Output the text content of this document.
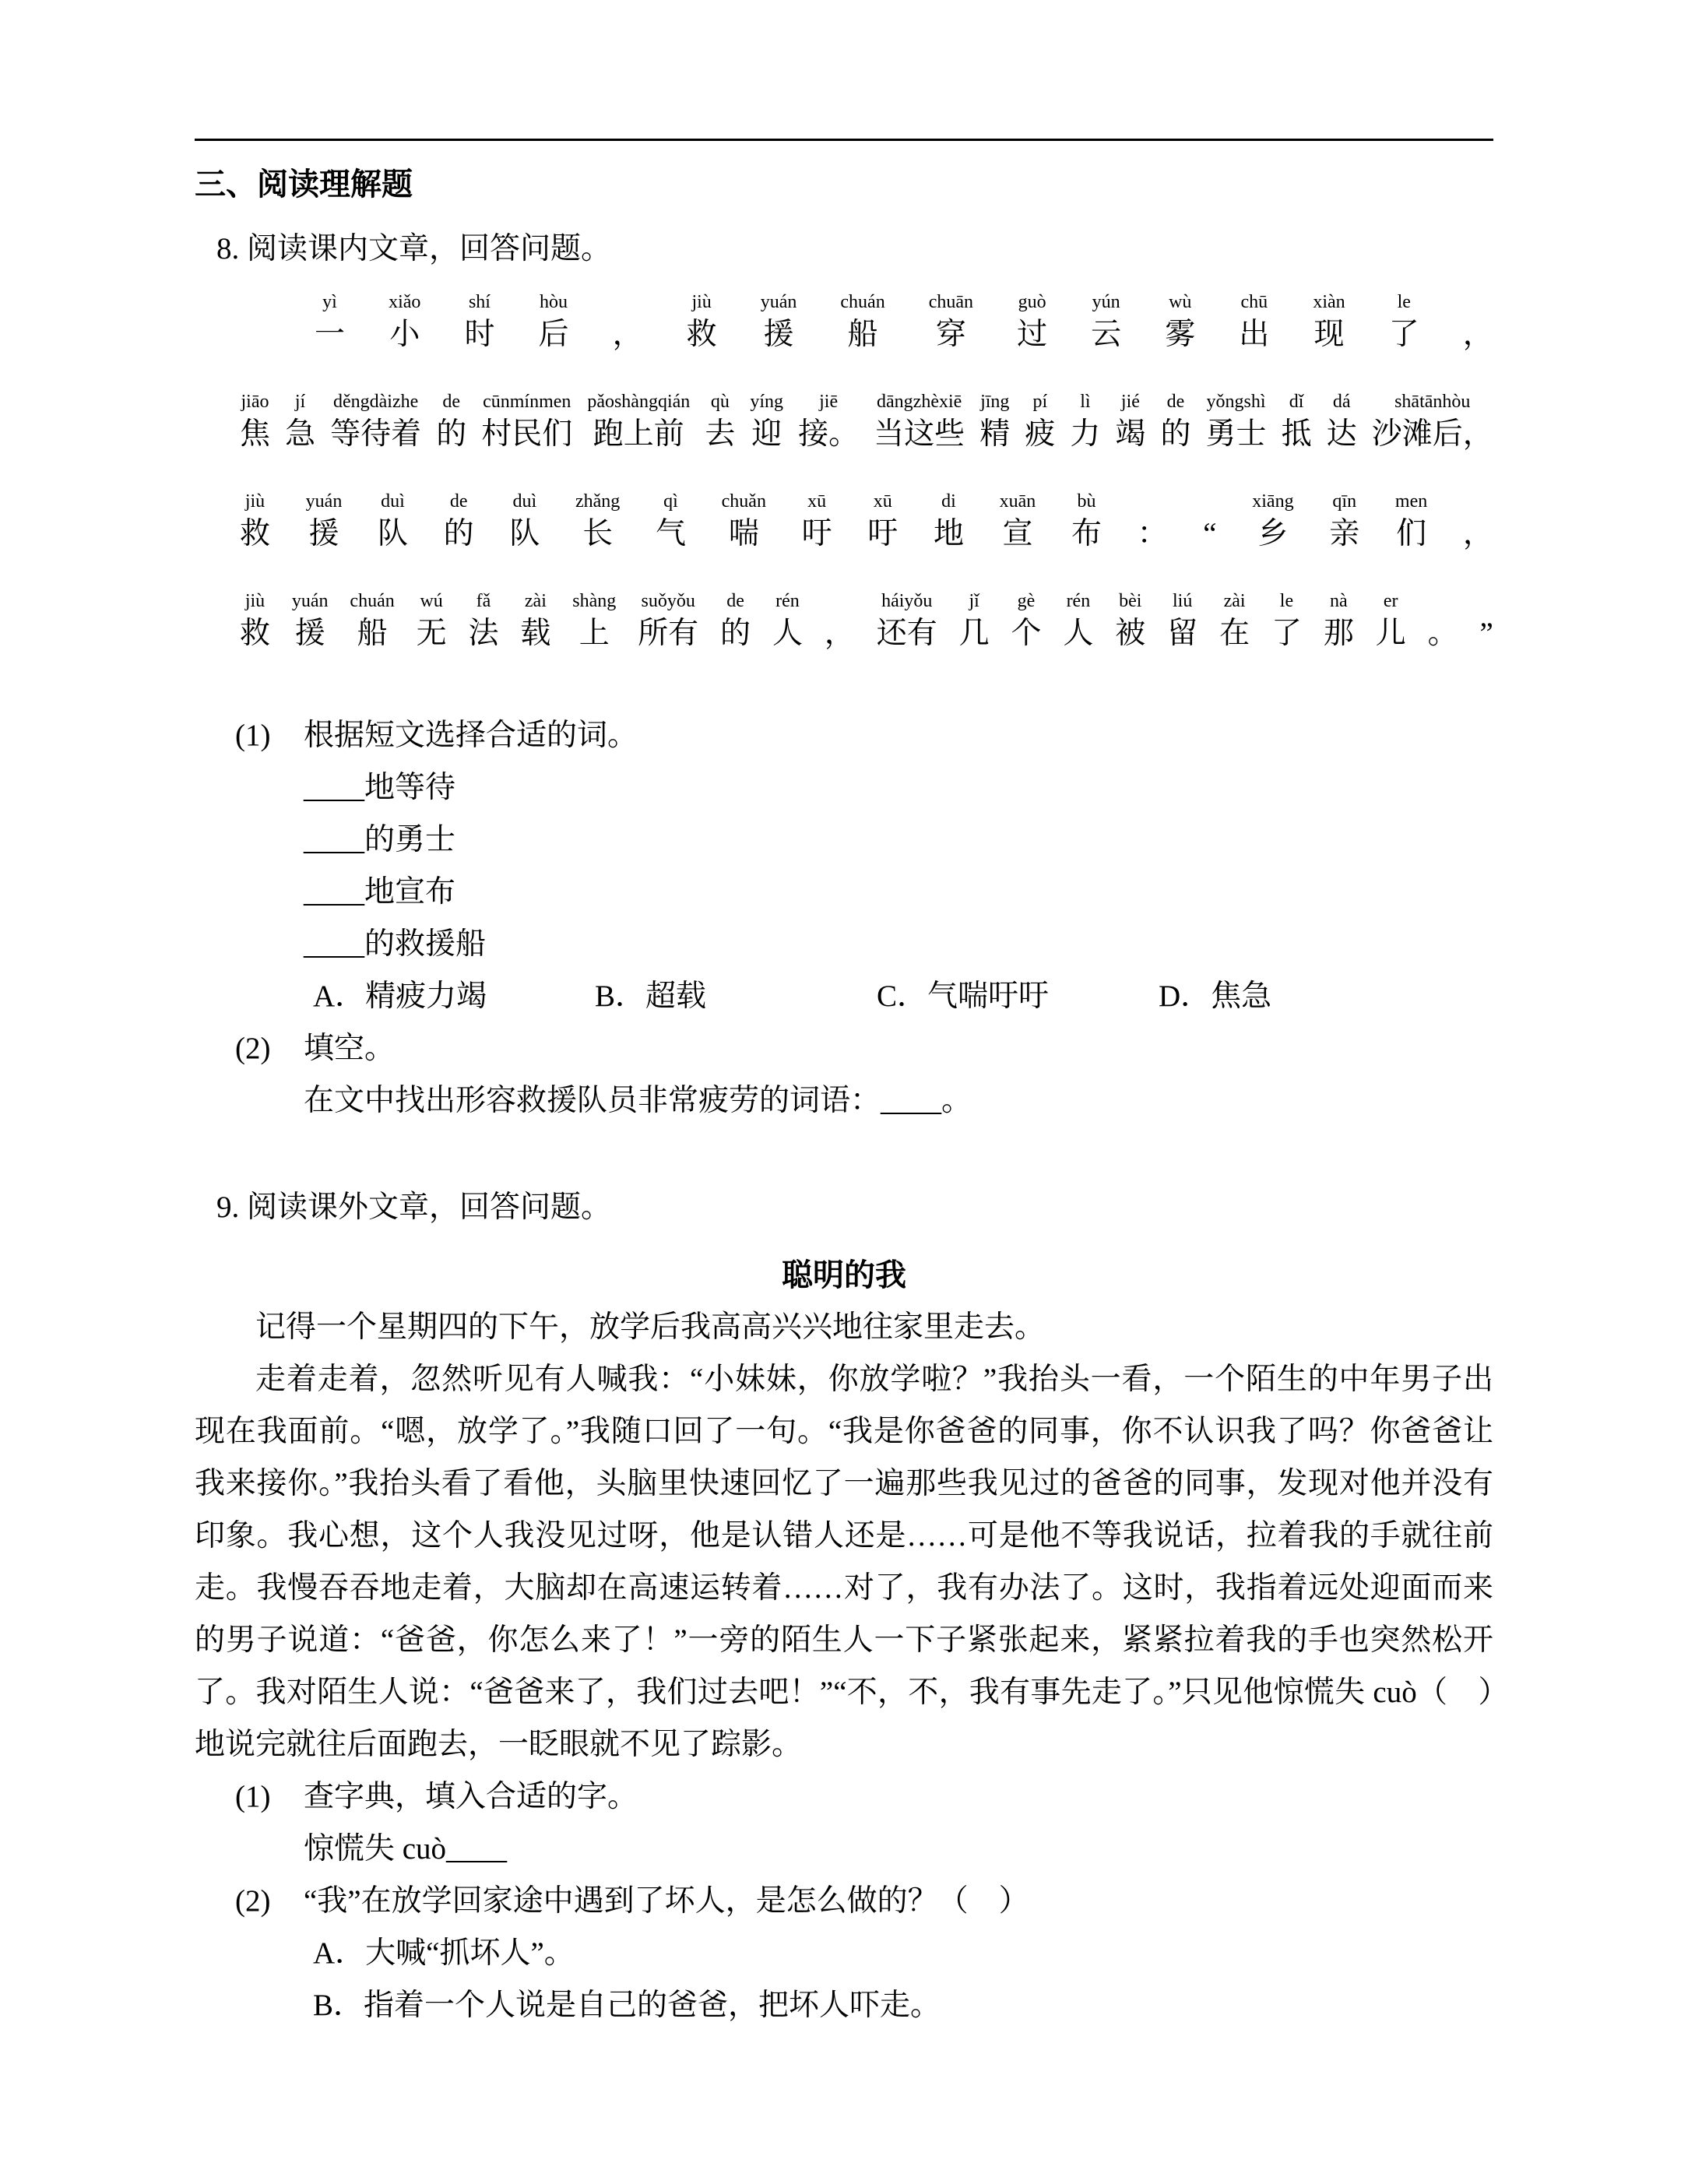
三、阅读理解题
8. 阅读课内文章，回答问题。
yì
一
xiǎo
小
shí
时
hòu
后 ，
jiù
救
yuán
援
chuán
船
chuān
穿
guò
过
yún
云
wù
雾
chū
出
xiàn
现
le
了 ，
jiāo
焦
jí
急
děngdàizhe
等待着
de
的
cūnmínmen
村民们
pǎoshàngqián
跑上前
qù
去
yíng
迎
jiē
接。
dāngzhèxiē
当这些
jīng
精
pí
疲
lì
力
jié
竭
de
的
yǒngshì
勇士
dǐ
抵
dá
达
shātānhòu
沙滩后，
jiù
救
yuán
援
duì
队
de
的
duì
队
zhǎng
长
qì
气
chuǎn
喘
xū
吁
xū
吁
di
地
xuān
宣
bù
布 ： “
xiāng
乡
qīn
亲
men
们 ，
jiù
救
yuán
援
chuán
船
wú
无
fǎ
法
zài
载
shàng
上
suǒyǒu
所有
de
的
rén
人 ，
háiyǒu
还有
jǐ
几
gè
个
rén
人
bèi
被
liú
留
zài
在
le
了
nà
那
er
儿 。 ”
(1) 根据短文选择合适的词。
____地等待
____的勇士
____地宣布
____的救援船
A．精疲力竭	B．超载	C．气喘吁吁	D．焦急
(2) 填空。
在文中找出形容救援队员非常疲劳的词语：____。
9. 阅读课外文章，回答问题。
聪明的我

记得一个星期四的下午，放学后我高高兴兴地往家里走去。

走着走着，忽然听见有人喊我：“小妹妹，你放学啦？”我抬头一看，一个陌生的中年男子出现在我面前。“嗯，放学了。”我随口回了一句。“我是你爸爸的同事，你不认识我了吗？你爸爸让我来接你。”我抬头看了看他，头脑里快速回忆了一遍那些我见过的爸爸的同事，发现对他并没有印象。我心想，这个人我没见过呀，他是认错人还是……可是他不等我说话，拉着我的手就往前走。我慢吞吞地走着，大脑却在高速运转着……对了，我有办法了。这时，我指着远处迎面而来的男子说道：“爸爸，你怎么来了！”一旁的陌生人一下子紧张起来，紧紧拉着我的手也突然松开了。我对陌生人说：“爸爸来了，我们过去吧！”“不，不，我有事先走了。”只见他惊慌失 cuò（　）地说完就往后面跑去，一眨眼就不见了踪影。

(1) 查字典，填入合适的字。
惊慌失 cuò____
(2) “我”在放学回家途中遇到了坏人，是怎么做的？（　）
A．大喊“抓坏人”。
B．指着一个人说是自己的爸爸，把坏人吓走。
